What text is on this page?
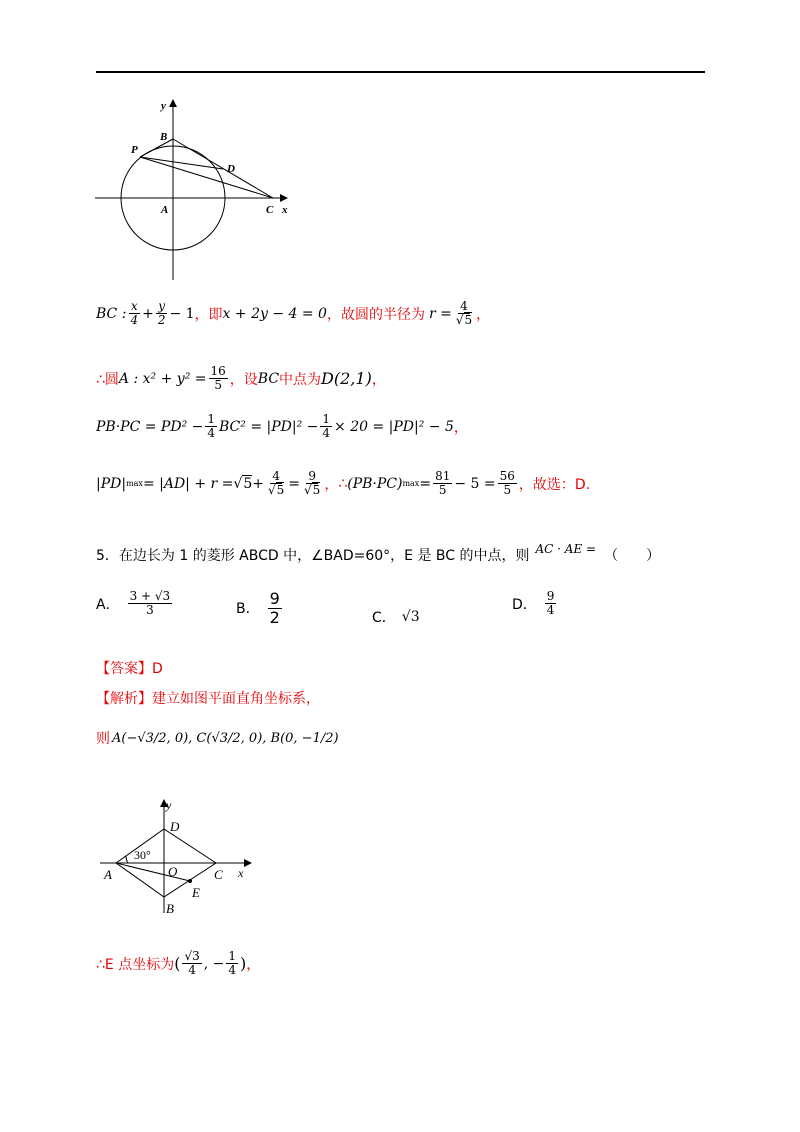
y
B
P
D
A	C x
BC : $\frac{x}{4} + \frac{y}{2} - 1$ ，即 x + 2y − 4 = 0 ，故圆的半径为 $r = \frac{4}{√5}$ ，
∴圆 A : $x^2 + y^2 = \frac{16}{5}$ ，设 BC 中点为 D(2,1) ，
$PB\cdot PC = PD^2 - \frac{1}{4} BC^2 = |PD|^2 - \frac{1}{4} \times 20 = |PD|^2 - 5$ ，
|PD| $\max = |AD| + r = √5 + \frac{4}{√5} = \frac{9}{√5}$ ， ∴ (PB·PC) $\max = \frac{81}{5} - 5 = \frac{56}{5}$ ，故选：D.
5．在边长为 1 的菱形 ABCD 中，∠BAD=60°，E 是 BC 的中点，则 AC · AE = （　　）
A． $\frac{3 + √3}{3}$	B． $\frac{9}{2}$	C． √3
D． $\frac{9}{4}$
【答案】D
【解析】建立如图平面直角坐标系，
则 A(−√3/2, 0), C(√3/2, 0), B(0, −1/2)
y
D
30°
A	O	C x
E
B
∴E 点坐标为 ( $\frac{√3}{4}$ , − $\frac{1}{4}$ ) ，
